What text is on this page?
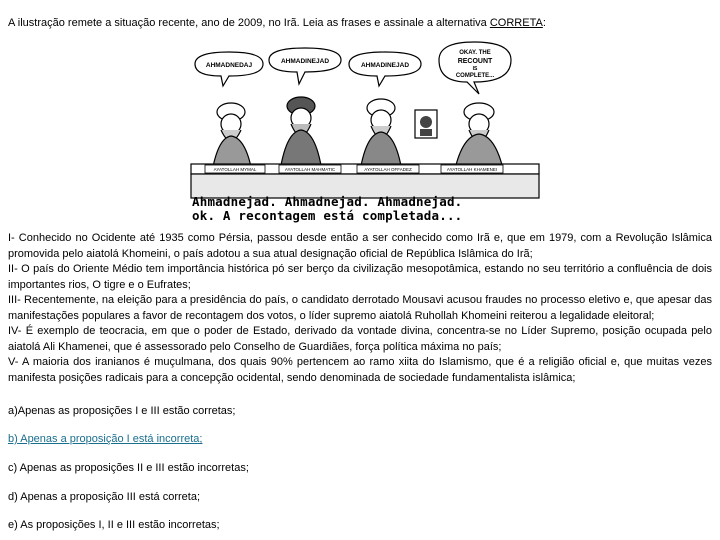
A ilustração remete a situação recente, ano de 2009, no Irã. Leia as frases e assinale a alternativa CORRETA:
AHMADNEDAJ
AHMADINEJAD
AHMADINEJAD
OKAY. THE
RECOUNT
IS
COMPLETE...
AYATOLLAH MYMAL	AYATOLLAH MAHMATIC	AYATOLLAH OFFADEZ	AYATOLLAH KHAMENEI
Ahmadnejad. Ahmadnejad. Ahmadnejad.
ok. A recontagem está completada...

I- Conhecido no Ocidente até 1935 como Pérsia, passou desde então a ser conhecido como Irã e, que em 1979, com a Revolução Islâmica promovida pelo aiatolá Khomeini, o país adotou a sua atual designação oficial de República Islâmica do Irã;

II- O país do Oriente Médio tem importância histórica pó ser berço da civilização mesopotâmica, estando no seu território a confluência de dois importantes rios, O tigre e o Eufrates;

III- Recentemente, na eleição para a presidência do país, o candidato derrotado Mousavi acusou fraudes no processo eletivo e, que apesar das manifestações populares a favor de recontagem dos votos, o líder supremo aiatolá Ruhollah Khomeini reiterou a legalidade eleitoral;

IV- É exemplo de teocracia, em que o poder de Estado, derivado da vontade divina, concentra-se no Líder Supremo, posição ocupada pelo aiatolá Ali Khamenei, que é assessorado pelo Conselho de Guardiães, força política máxima no país;

V- A maioria dos iranianos é muçulmana, dos quais 90% pertencem ao ramo xiita do Islamismo, que é a religião oficial e, que muitas vezes manifesta posições radicais para a concepção ocidental, sendo denominada de sociedade fundamentalista islâmica;

a)Apenas as proposições I e III estão corretas;
b) Apenas a proposição I está incorreta;
c) Apenas as proposições II e III estão incorretas;
d) Apenas a proposição III está correta;
e) As proposições I, II e III estão incorretas;
